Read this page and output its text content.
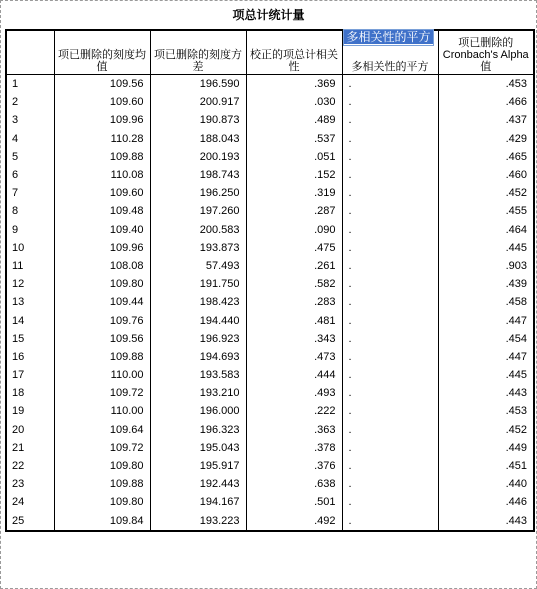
项总计统计量
	项已删除的刻度均值	项已删除的刻度方差	校正的项总计相关性	多相关性的平方	项已删除的 Cronbach's Alpha 值
1	109.56	196.590	.369	.	.453
2	109.60	200.917	.030	.	.466
3	109.96	190.873	.489	.	.437
4	110.28	188.043	.537	.	.429
5	109.88	200.193	.051	.	.465
6	110.08	198.743	.152	.	.460
7	109.60	196.250	.319	.	.452
8	109.48	197.260	.287	.	.455
9	109.40	200.583	.090	.	.464
10	109.96	193.873	.475	.	.445
11	108.08	57.493	.261	.	.903
12	109.80	191.750	.582	.	.439
13	109.44	198.423	.283	.	.458
14	109.76	194.440	.481	.	.447
15	109.56	196.923	.343	.	.454
16	109.88	194.693	.473	.	.447
17	110.00	193.583	.444	.	.445
18	109.72	193.210	.493	.	.443
19	110.00	196.000	.222	.	.453
20	109.64	196.323	.363	.	.452
21	109.72	195.043	.378	.	.449
22	109.80	195.917	.376	.	.451
23	109.88	192.443	.638	.	.440
24	109.80	194.167	.501	.	.446
25	109.84	193.223	.492	.	.443
多相关性的平方
